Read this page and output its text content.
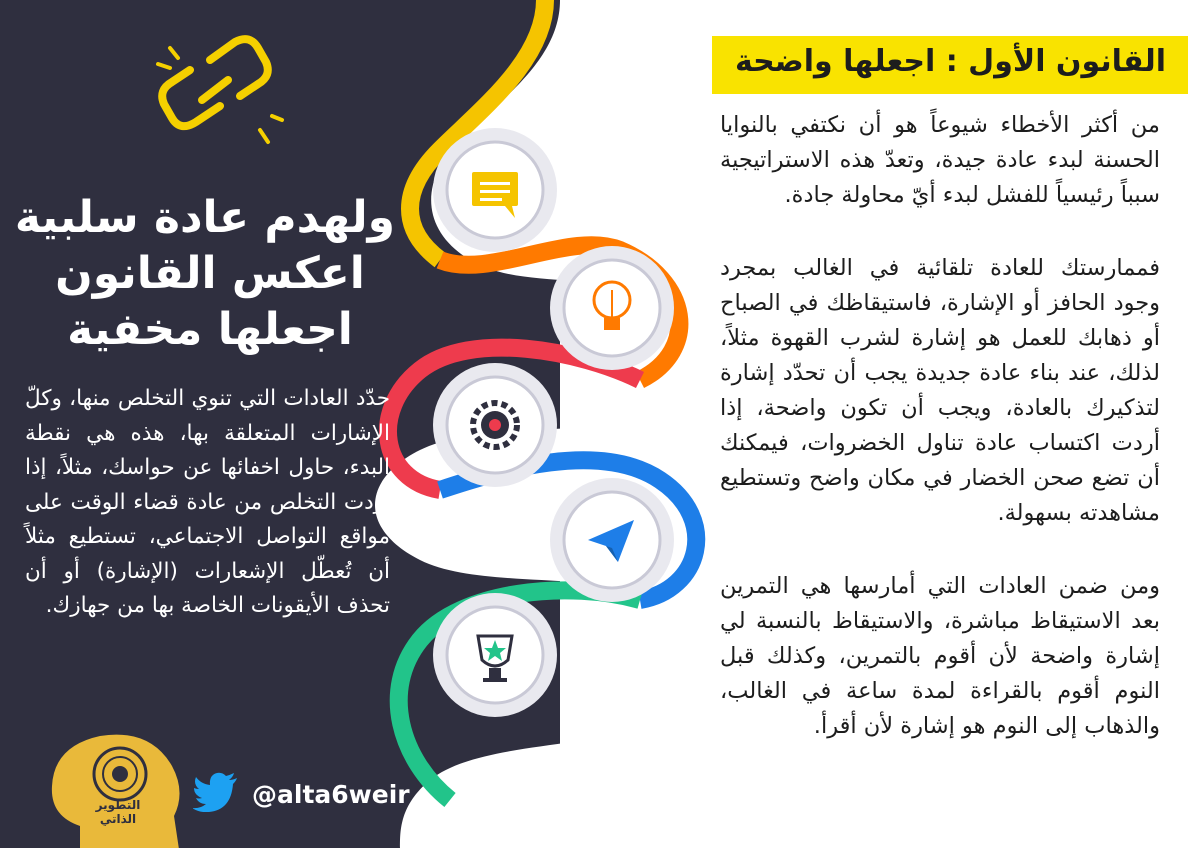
القانون الأول : اجعلها واضحة

من أكثر الأخطاء شيوعاً هو أن نكتفي بالنوايا الحسنة لبدء عادة جيدة، وتعدّ هذه الاستراتيجية سبباً رئيسياً للفشل لبدء أيّ محاولة جادة.

فممارستك للعادة تلقائية في الغالب بمجرد وجود الحافز أو الإشارة، فاستيقاظك في الصباح أو ذهابك للعمل هو إشارة لشرب القهوة مثلاً، لذلك، عند بناء عادة جديدة يجب أن تحدّد إشارة لتذكيرك بالعادة، ويجب أن تكون واضحة، إذا أردت اكتساب عادة تناول الخضروات، فيمكنك أن تضع صحن الخضار في مكان واضح وتستطيع مشاهدته بسهولة.

ومن ضمن العادات التي أمارسها هي التمرين بعد الاستيقاظ مباشرة، والاستيقاظ بالنسبة لي إشارة واضحة لأن أقوم بالتمرين، وكذلك قبل النوم أقوم بالقراءة لمدة ساعة في الغالب، والذهاب إلى النوم هو إشارة لأن أقرأ.

ولهدم عادة سلبية
اعكس القانون
اجعلها مخفية
حدّد العادات التي تنوي التخلص منها، وكلّ الإشارات المتعلقة بها، هذه هي نقطة البدء، حاول اخفائها عن حواسك، مثلاً، إذا أردت التخلص من عادة قضاء الوقت على مواقع التواصل الاجتماعي، تستطيع مثلاً أن تُعطّل الإشعارات (الإشارة) أو أن تحذف الأيقونات الخاصة بها من جهازك.
التطوير الذاتي
@alta6weir
